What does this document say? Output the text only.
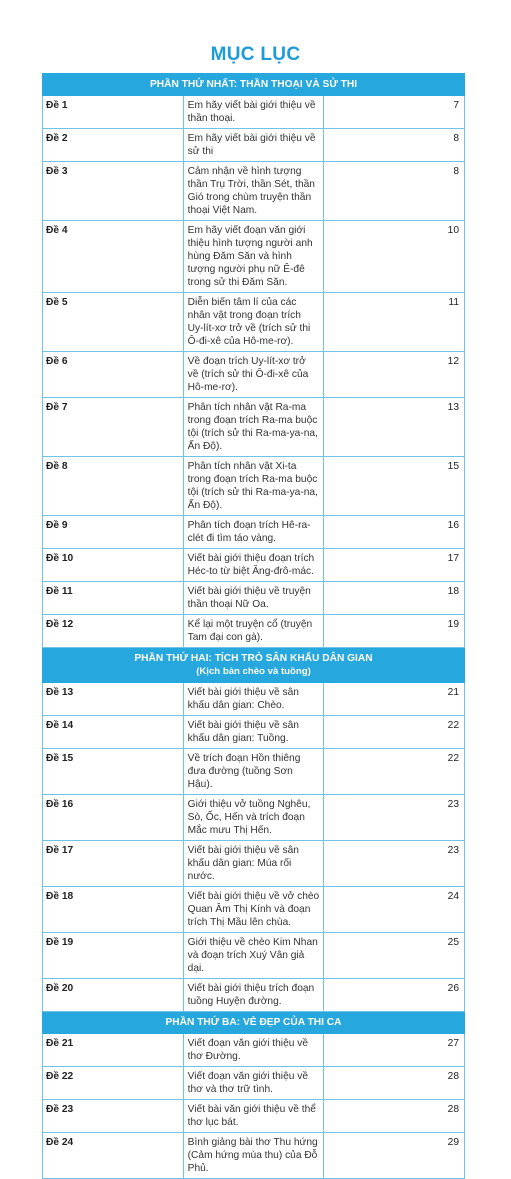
MỤC LỤC
PHẦN THỨ NHẤT: THẦN THOẠI VÀ SỬ THI		
Đề 1	Em hãy viết bài giới thiệu về thần thoại.	7
Đề 2	Em hãy viết bài giới thiệu về sử thi	8
Đề 3	Cảm nhận về hình tượng thần Trụ Trời, thần Sét, thần Gió trong chùm truyện thần thoại Việt Nam.	8
Đề 4	Em hãy viết đoạn văn giới thiệu hình tượng người anh hùng Đăm Săn và hình tượng người phụ nữ Ê-đê trong sử thi Đăm Săn.	10
Đề 5	Diễn biến tâm lí của các nhân vật trong đoạn trích Uy-lít-xơ trở về (trích sử thi Ô-đi-xê của Hô-me-rơ).	11
Đề 6	Về đoạn trích Uy-lít-xơ trở về (trích sử thi Ô-đi-xê của Hô-me-rơ).	12
Đề 7	Phân tích nhân vật Ra-ma trong đoạn trích Ra-ma buộc tội (trích sử thi Ra-ma-ya-na, Ấn Độ).	13
Đề 8	Phân tích nhân vật Xi-ta trong đoạn trích Ra-ma buộc tội (trích sử thi Ra-ma-ya-na, Ấn Độ).	15
Đề 9	Phân tích đoạn trích Hê-ra-clét đi tìm táo vàng.	16
Đề 10	Viết bài giới thiệu đoạn trích Héc-to từ biệt Ăng-đrô-mác.	17
Đề 11	Viết bài giới thiệu về truyện thần thoại Nữ Oa.	18
Đề 12	Kể lại một truyện cổ (truyện Tam đại con gà).	19
PHẦN THỨ HAI: TÍCH TRÒ SÂN KHẤU DÂN GIAN
(Kịch bản chèo và tuồng)		

Đề 13	Viết bài giới thiệu về sân khấu dân gian: Chèo.	21
Đề 14	Viết bài giới thiệu về sân khấu dân gian: Tuồng.	22
Đề 15	Về trích đoạn Hồn thiêng đưa đường (tuồng Sơn Hậu).	22
Đề 16	Giới thiệu vở tuồng Nghêu, Sò, Ốc, Hến và trích đoạn Mắc mưu Thị Hến.	23
Đề 17	Viết bài giới thiệu về sân khấu dân gian: Múa rối nước.	23
Đề 18	Viết bài giới thiệu về vở chèo Quan Âm Thị Kính và đoạn trích Thị Mầu lên chùa.	24
Đề 19	Giới thiệu về chèo Kim Nhan và đoạn trích Xuý Vân giả dại.	25
Đề 20	Viết bài giới thiệu trích đoạn tuồng Huyện đường.	26
PHẦN THỨ BA: VẺ ĐẸP CỦA THI CA		
Đề 21	Viết đoạn văn giới thiệu về thơ Đường.	27
Đề 22	Viết đoạn văn giới thiệu về thơ và thơ trữ tình.	28
Đề 23	Viết bài văn giới thiệu về thể thơ lục bát.	28
Đề 24	Bình giảng bài thơ Thu hứng (Cảm hứng mùa thu) của Đỗ Phủ.	29
